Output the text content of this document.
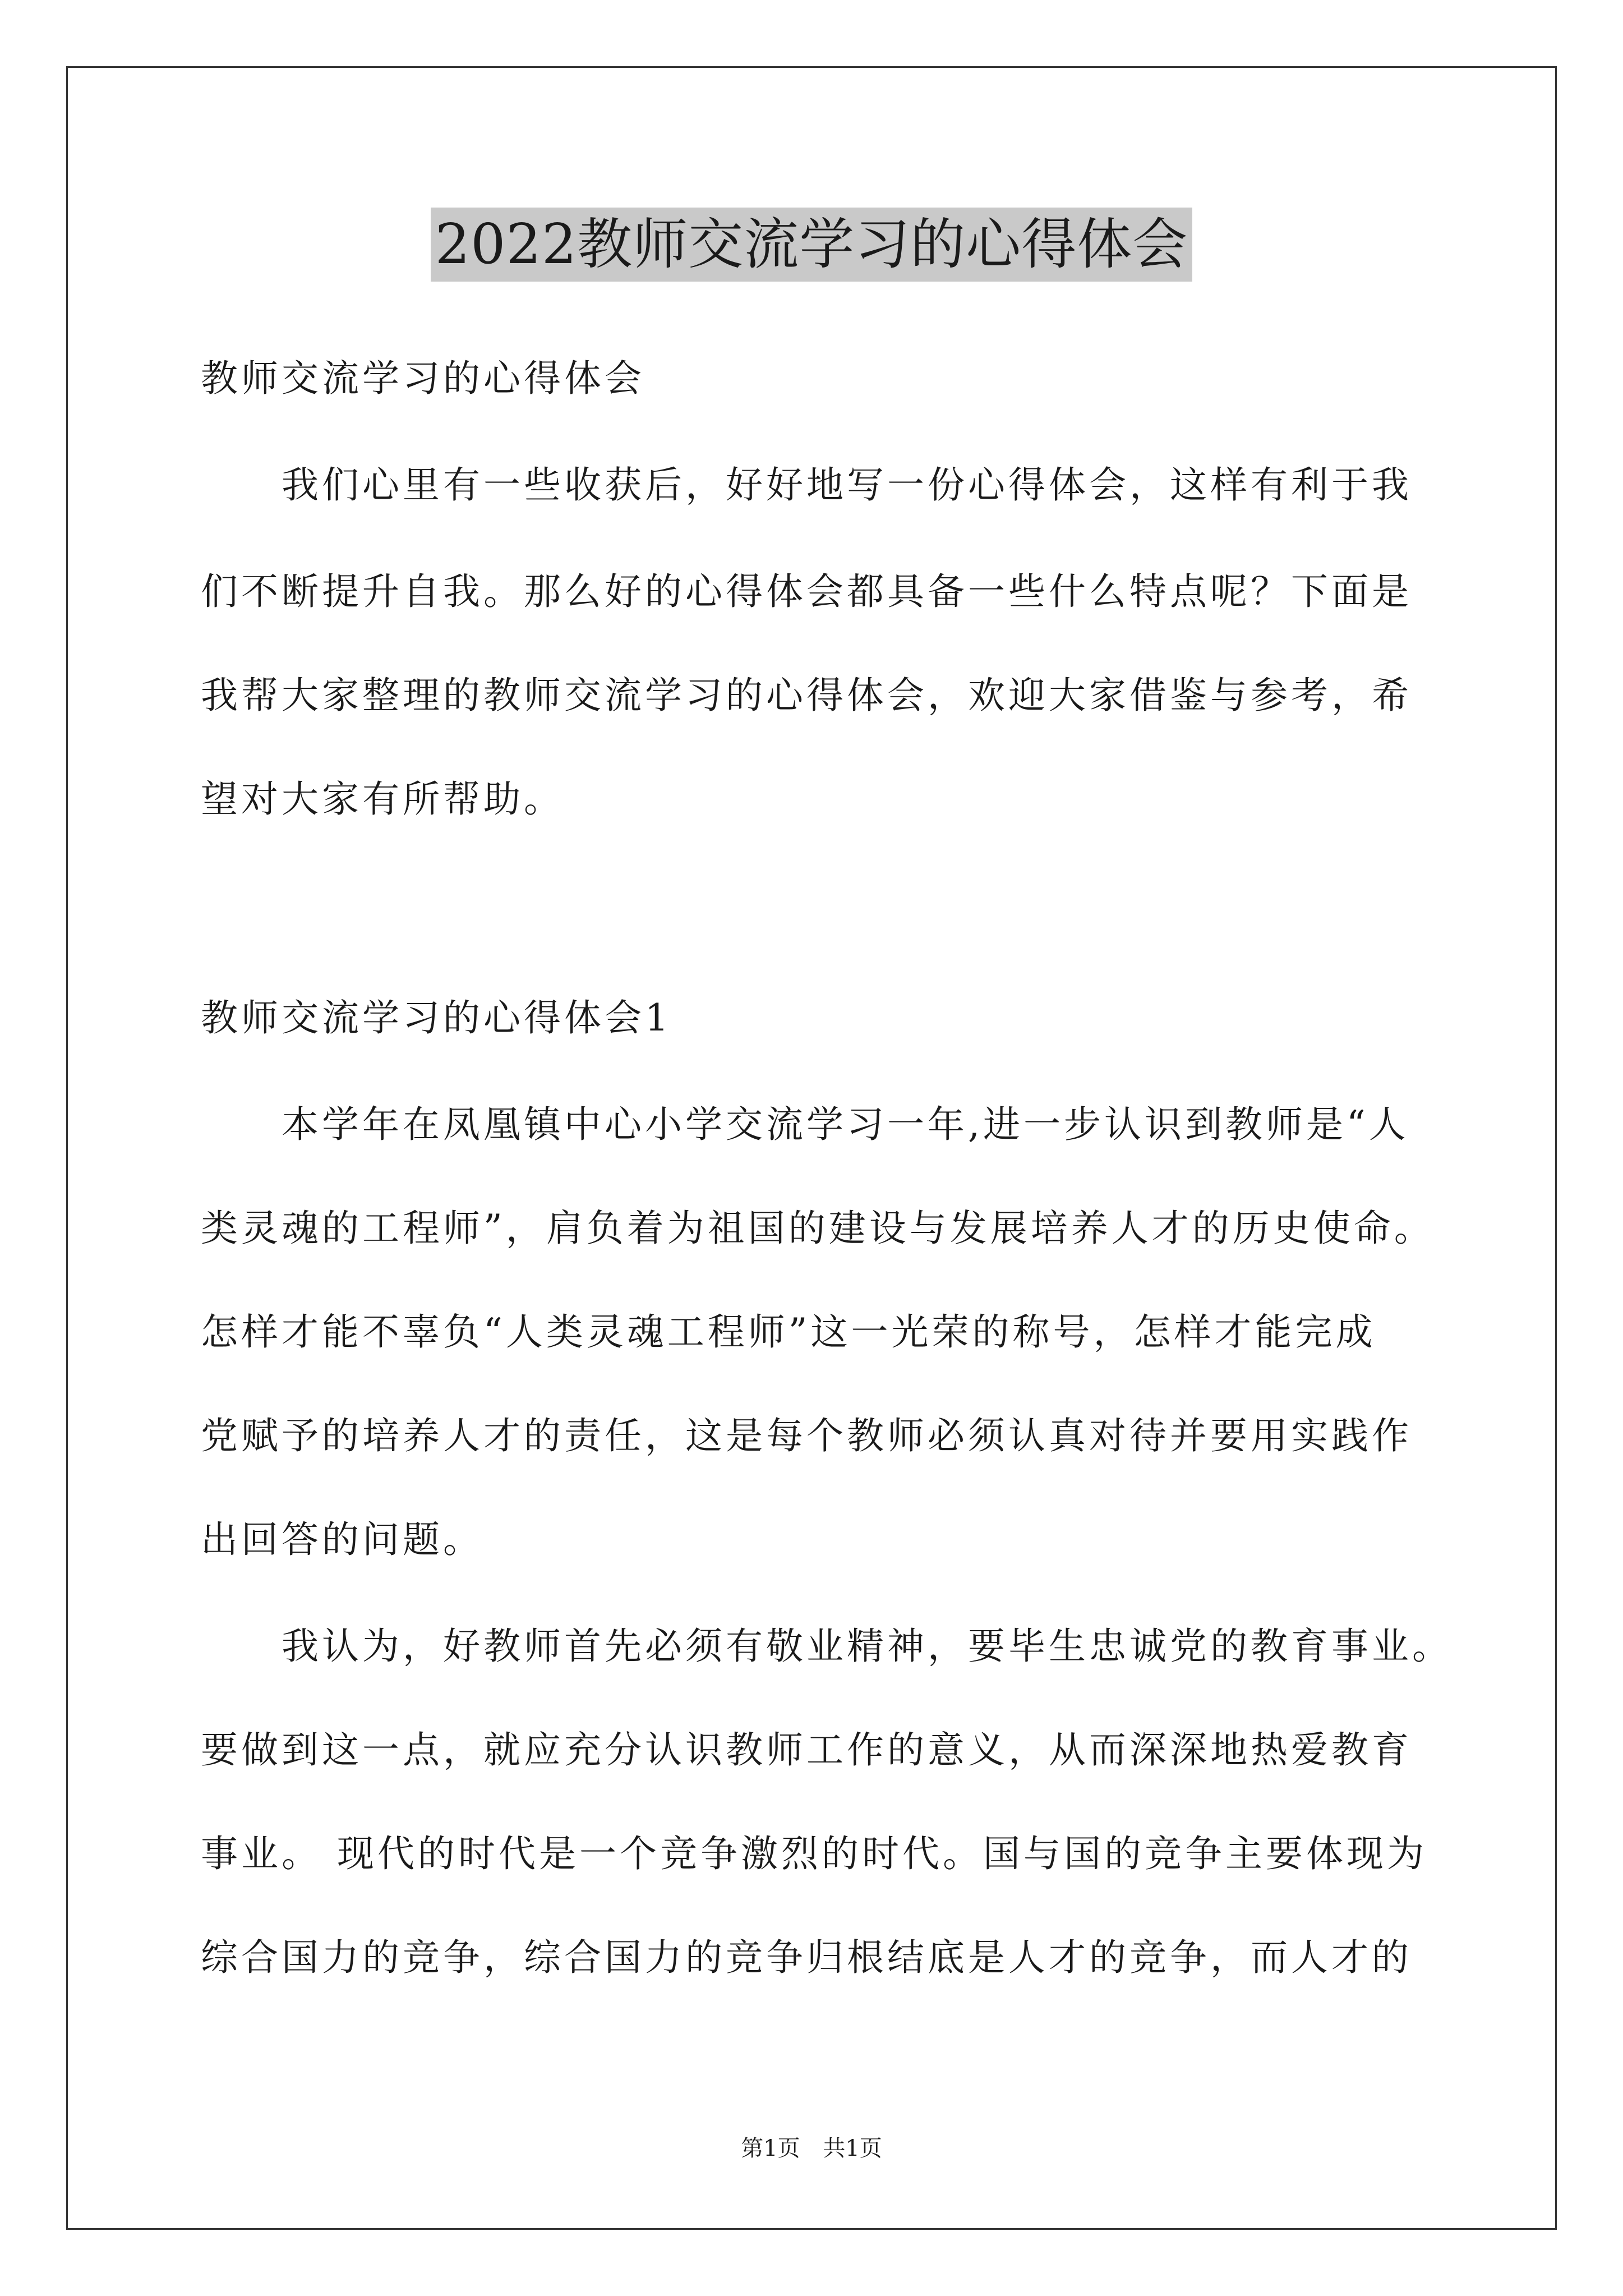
2022教师交流学习的心得体会
教师交流学习的心得体会
　　我们心里有一些收获后，好好地写一份心得体会，这样有利于我
们不断提升自我。那么好的心得体会都具备一些什么特点呢？下面是
我帮大家整理的教师交流学习的心得体会，欢迎大家借鉴与参考，希
望对大家有所帮助。
教师交流学习的心得体会1
　　本学年在凤凰镇中心小学交流学习一年,进一步认识到教师是“人
类灵魂的工程师”，肩负着为祖国的建设与发展培养人才的历史使命。
怎样才能不辜负“人类灵魂工程师”这一光荣的称号，怎样才能完成
党赋予的培养人才的责任，这是每个教师必须认真对待并要用实践作
出回答的问题。
　　我认为，好教师首先必须有敬业精神，要毕生忠诚党的教育事业。
要做到这一点，就应充分认识教师工作的意义，从而深深地热爱教育
事业。 现代的时代是一个竞争激烈的时代。国与国的竞争主要体现为
综合国力的竞争，综合国力的竞争归根结底是人才的竞争，而人才的
第1页 共1页
